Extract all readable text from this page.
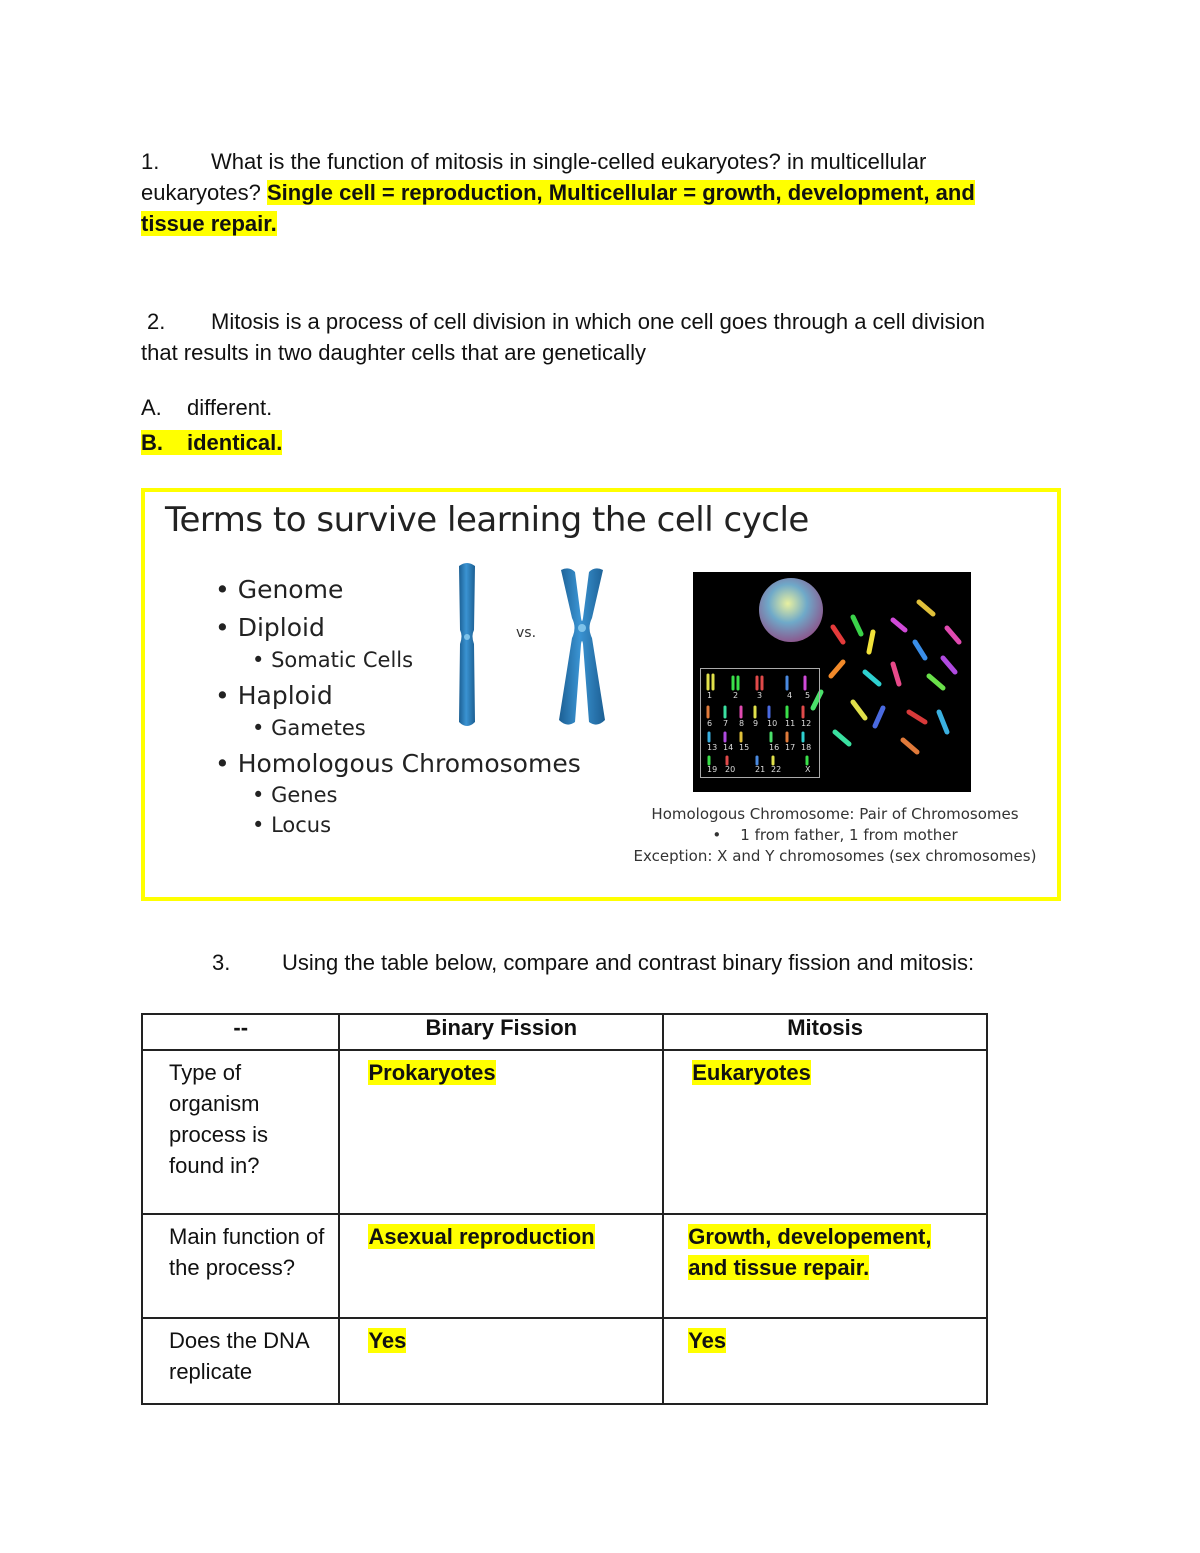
1. What is the function of mitosis in single-celled eukaryotes? in multicellular
eukaryotes? Single cell = reproduction, Multicellular = growth, development, and
tissue repair.
2. Mitosis is a process of cell division in which one cell goes through a cell division
that results in two daughter cells that are genetically
A. different.
B. identical.
Terms to survive learning the cell cycle
• Genome
• Diploid
• Somatic Cells
• Haploid
• Gametes
• Homologous Chromosomes
• Genes
• Locus
vs.
1	2 3	4 5
6 7 8 9 10 11 12
13 14 15 16 17 18
19 20 21 22	X
Homologous Chromosome: Pair of Chromosomes
•    1 from father, 1 from mother
Exception: X and Y chromosomes (sex chromosomes)
3. Using the table below, compare and contrast binary fission and mitosis:
--	Binary Fission	Mitosis
Type of organism process is found in?	Prokaryotes	Eukaryotes
Main function of the process?	Asexual reproduction	Growth, developement, and tissue repair.
Does the DNA replicate	Yes	Yes
